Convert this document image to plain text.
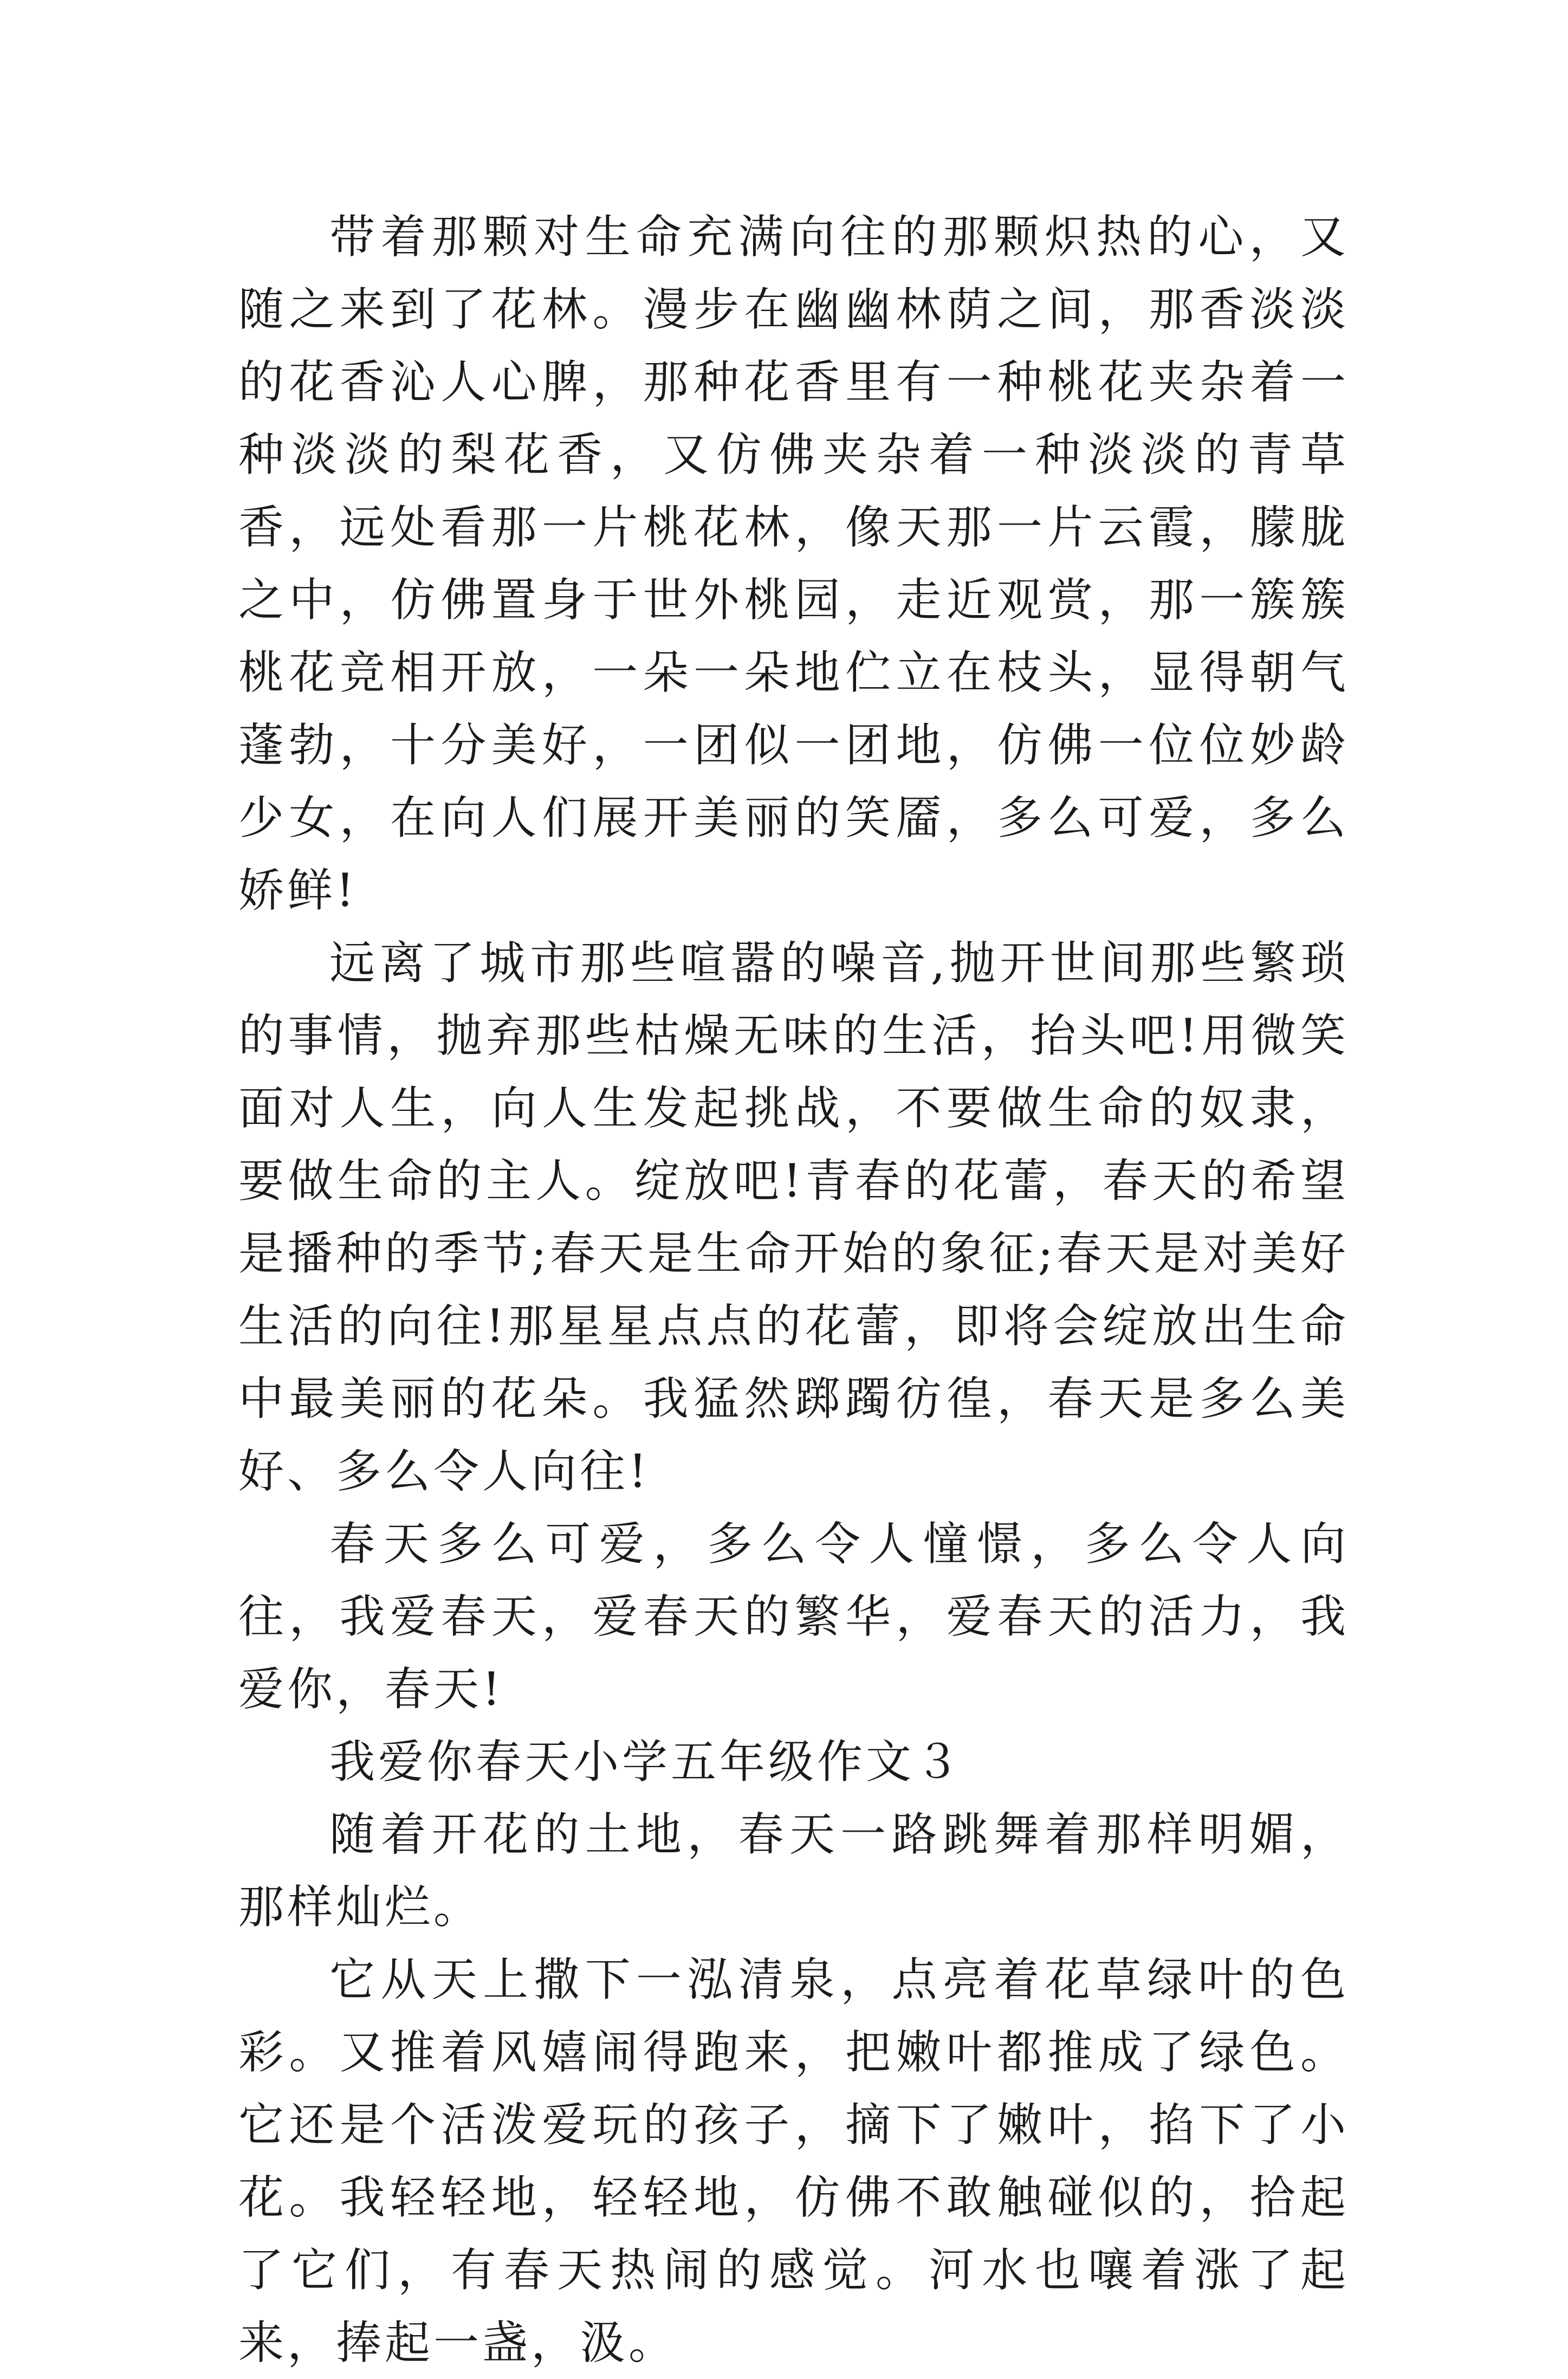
带着那颗对生命充满向往的那颗炽热的心，又随之来到了花林。漫步在幽幽林荫之间，那香淡淡的花香沁人心脾，那种花香里有一种桃花夹杂着一种淡淡的梨花香，又仿佛夹杂着一种淡淡的青草香，远处看那一片桃花林，像天那一片云霞，朦胧之中，仿佛置身于世外桃园，走近观赏，那一簇簇桃花竞相开放，一朵一朵地伫立在枝头，显得朝气蓬勃，十分美好，一团似一团地，仿佛一位位妙龄少女，在向人们展开美丽的笑靥，多么可爱，多么娇鲜!

远离了城市那些喧嚣的噪音,抛开世间那些繁琐的事情，抛弃那些枯燥无味的生活，抬头吧!用微笑面对人生，向人生发起挑战，不要做生命的奴隶，要做生命的主人。绽放吧!青春的花蕾，春天的希望是播种的季节;春天是生命开始的象征;春天是对美好生活的向往!那星星点点的花蕾，即将会绽放出生命中最美丽的花朵。我猛然踯躅彷徨，春天是多么美好、多么令人向往!

春天多么可爱，多么令人憧憬，多么令人向往，我爱春天，爱春天的繁华，爱春天的活力，我爱你，春天!

我爱你春天小学五年级作文３

随着开花的土地，春天一路跳舞着那样明媚，那样灿烂。

它从天上撒下一泓清泉，点亮着花草绿叶的色彩。又推着风嬉闹得跑来，把嫩叶都推成了绿色。它还是个活泼爱玩的孩子，摘下了嫩叶，掐下了小花。我轻轻地，轻轻地，仿佛不敢触碰似的，拾起了它们，有春天热闹的感觉。河水也嚷着涨了起来，捧起一盏，汲。
